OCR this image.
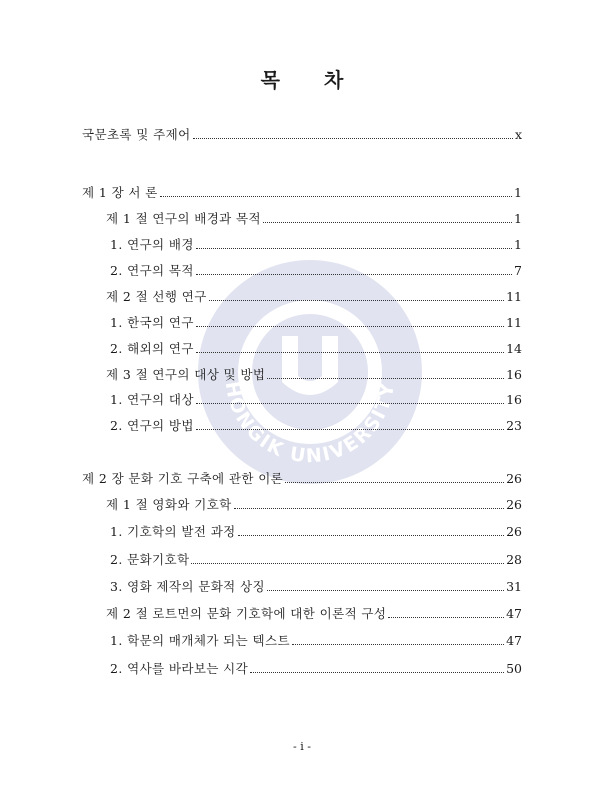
HONGIK UNIVERSITY
목 차
국문초록 및 주제어	x
제 1 장 서 론	1
제 1 절 연구의 배경과 목적	1
1. 연구의 배경	1
2. 연구의 목적	7
제 2 절 선행 연구	11
1. 한국의 연구	11
2. 해외의 연구	14
제 3 절 연구의 대상 및 방법	16
1. 연구의 대상	16
2. 연구의 방법	23
제 2 장 문화 기호 구축에 관한 이론	26
제 1 절 영화와 기호학	26
1. 기호학의 발전 과정	26
2. 문화기호학	28
3. 영화 제작의 문화적 상징	31
제 2 절 로트먼의 문화 기호학에 대한 이론적 구성	47
1. 학문의 매개체가 되는 텍스트	47
2. 역사를 바라보는 시각	50
- i -
